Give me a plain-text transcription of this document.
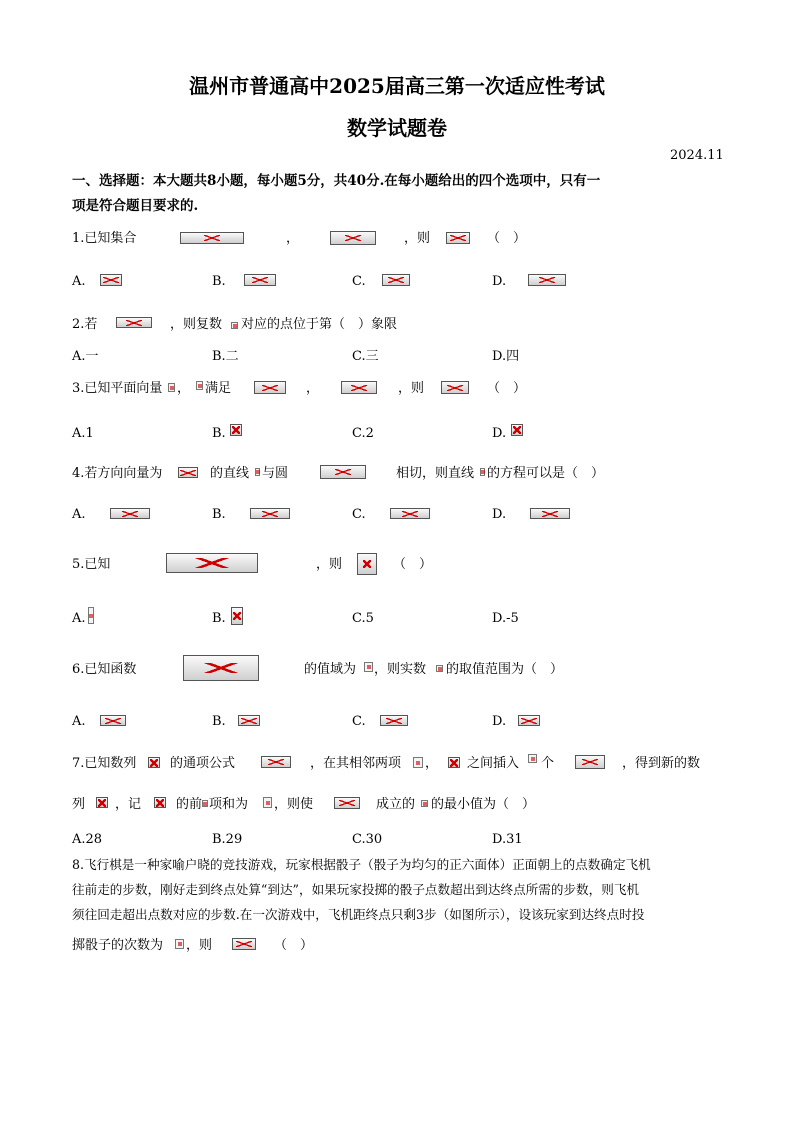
温州市普通高中2025届高三第一次适应性考试
数学试题卷
2024.11
一、选择题：本大题共8小题，每小题5分，共40分.在每小题给出的四个选项中，只有一
项是符合题目要求的.
1.已知集合	，	，则	（　）
A.	B.	C.	D.
2.若	，则复数 对应的点位于第（　）象限
A.一	B.二	C.三	D.四
3.已知平面向量 ， 满足	，	，则	（　）
A.1	B.	C.2	D.
4.若方向向量为	的直线 与圆	相切，则直线 的方程可以是（　）
A.	B.	C.	D.
5.已知	，则	（　）
A.	B.	C.5	D.-5
6.已知函数	的值域为 ，则实数 的取值范围为（　）
A.	B.	C.	D.
7.已知数列	的通项公式	，在其相邻两项 ， 之间插入 个	，得到新的数
列 ，记	的前 项和为 ，则使	成立的 的最小值为（　）
A.28	B.29	C.30	D.31
8.飞行棋是一种家喻户晓的竞技游戏，玩家根据骰子（骰子为均匀的正六面体）正面朝上的点数确定飞机
往前走的步数，刚好走到终点处算“到达”，如果玩家投掷的骰子点数超出到达终点所需的步数，则飞机
须往回走超出点数对应的步数.在一次游戏中，飞机距终点只剩3步（如图所示），设该玩家到达终点时投
掷骰子的次数为 ，则	（　）
